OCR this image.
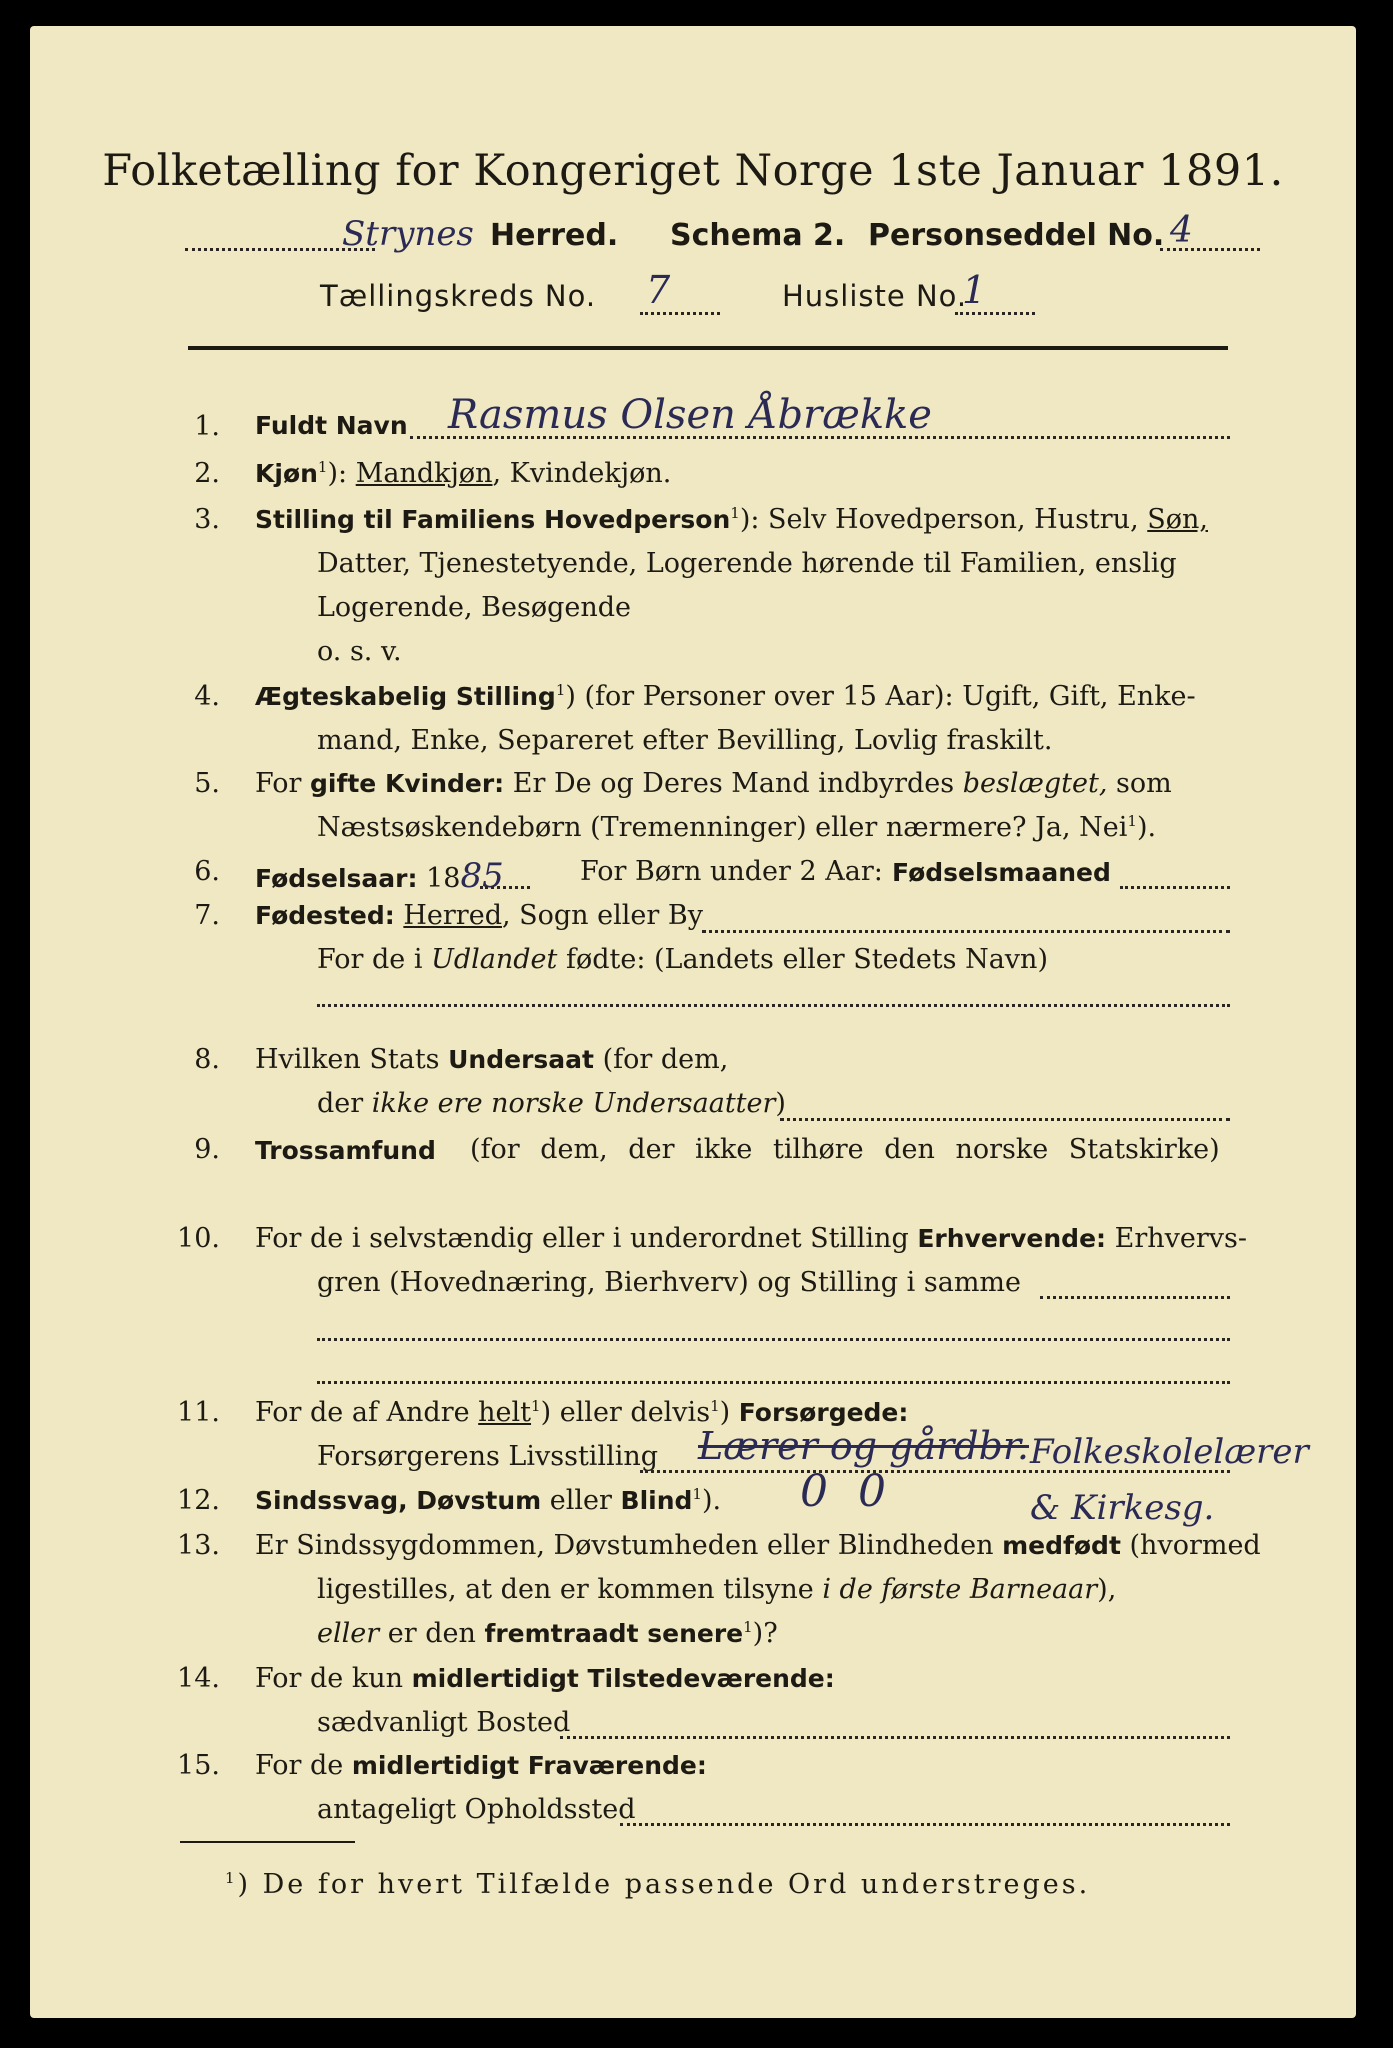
Folketælling for Kongeriget Norge 1ste Januar 1891.
Strynes Herred. Schema 2. Personseddel No. 4
Tællingskreds No. 7	Husliste No.
1
1. Fuldt Navn Rasmus Olsen Åbrække
2. Kjøn$^1$): Mandkjøn, Kvindekjøn.
3. Stilling til Familiens Hovedperson$^1$): Selv Hovedperson, Hustru, Søn,
Datter, Tjenestetyende, Logerende hørende til Familien, enslig
Logerende, Besøgende
o. s. v.
4. Ægteskabelig Stilling$^1$) (for Personer over 15 Aar): Ugift, Gift, Enke-
mand, Enke, Separeret efter Bevilling, Lovlig fraskilt.
5. For gifte Kvinder: Er De og Deres Mand indbyrdes beslægtet, som
Næstsøskendebørn (Tremenninger) eller nærmere? Ja, Nei$^1$).
6. Fødselsaar: 1885	For Børn under 2 Aar: Fødselsmaaned
7. Fødested: Herred, Sogn eller By
For de i Udlandet fødte: (Landets eller Stedets Navn)
8. Hvilken Stats Undersaat (for dem,
der ikke ere norske Undersaatter)
9. Trossamfund (for dem, der ikke tilhøre den norske Statskirke)
10. For de i selvstændig eller i underordnet Stilling Erhvervende: Erhvervs-
gren (Hovednæring, Bierhverv) og Stilling i samme
11. For de af Andre helt$^1$) eller delvis$^1$) Forsørgede:
Forsørgerens Livsstilling Lærer og gårdbr. Folkeskolelærer & Kirkesg.
12. Sindssvag, Døvstum eller Blind$^1$). 0 0
13. Er Sindssygdommen, Døvstumheden eller Blindheden medfødt (hvormed
ligestilles, at den er kommen tilsyne i de første Barneaar),
eller er den fremtraadt senere$^1$)?
14. For de kun midlertidigt Tilstedeværende:
sædvanligt Bosted
15. For de midlertidigt Fraværende:
antageligt Opholdssted
$^1$) De for hvert Tilfælde passende Ord understreges.
